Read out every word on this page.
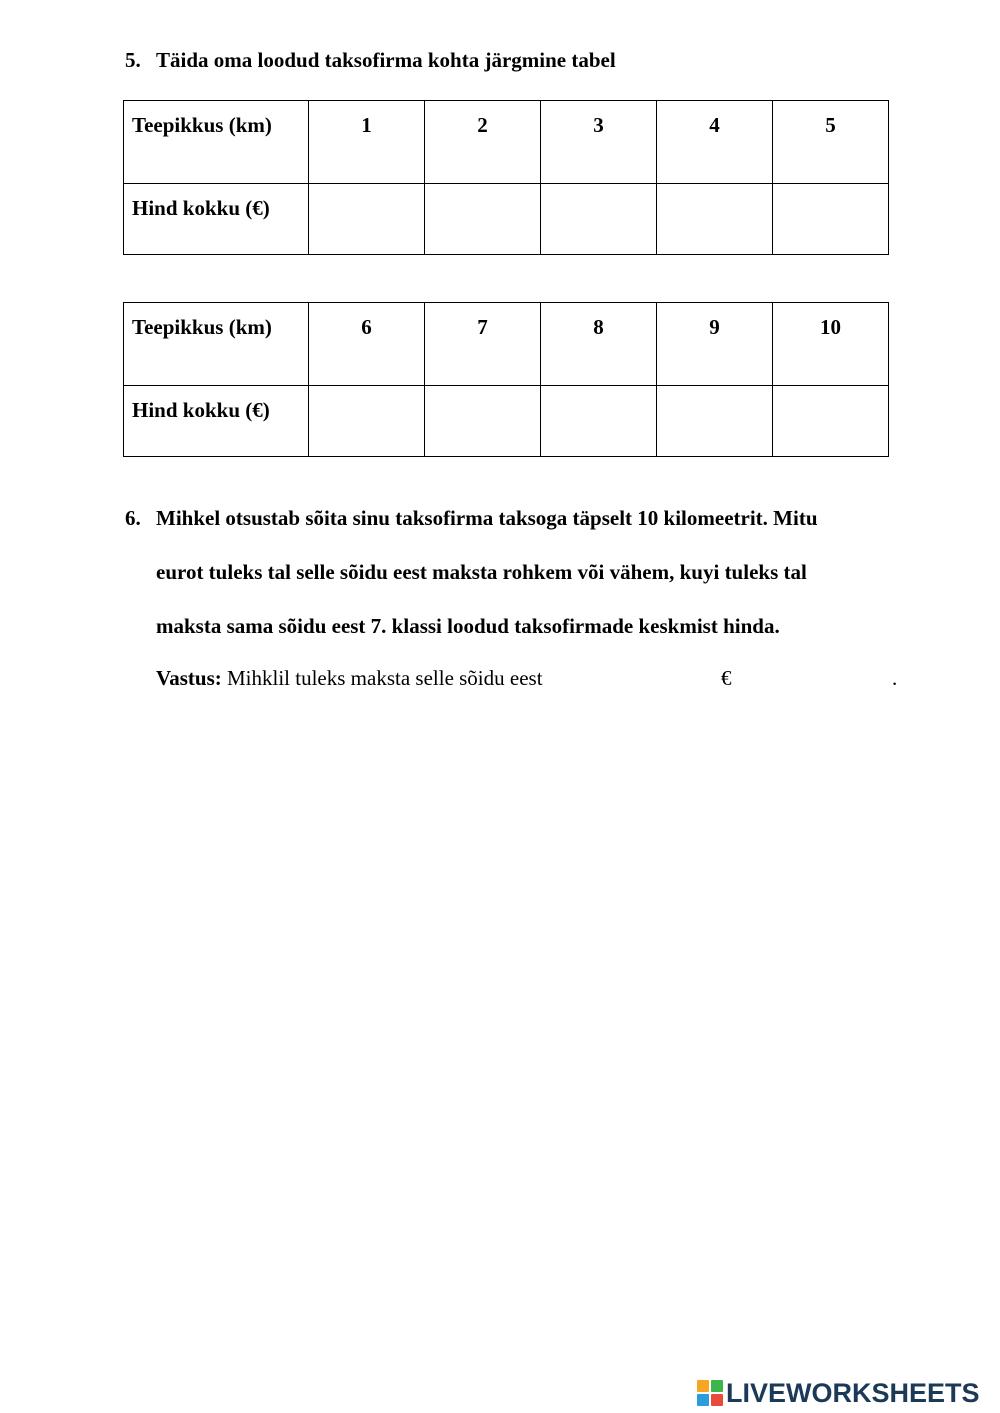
5. Täida oma loodud taksofirma kohta järgmine tabel
Teepikkus (km)	1	2	3	4	5
Hind kokku (€)					
Teepikkus (km)	6	7	8	9	10
Hind kokku (€)					
6. Mihkel otsustab sõita sinu taksofirma taksoga täpselt 10 kilomeetrit. Mitu
eurot tuleks tal selle sõidu eest maksta rohkem või vähem, kuyi tuleks tal
maksta sama sõidu eest 7. klassi loodud taksofirmade keskmist hinda.
Vastus: Mihklil tuleks maksta selle sõidu eest	€	.
LIVEWORKSHEETS
